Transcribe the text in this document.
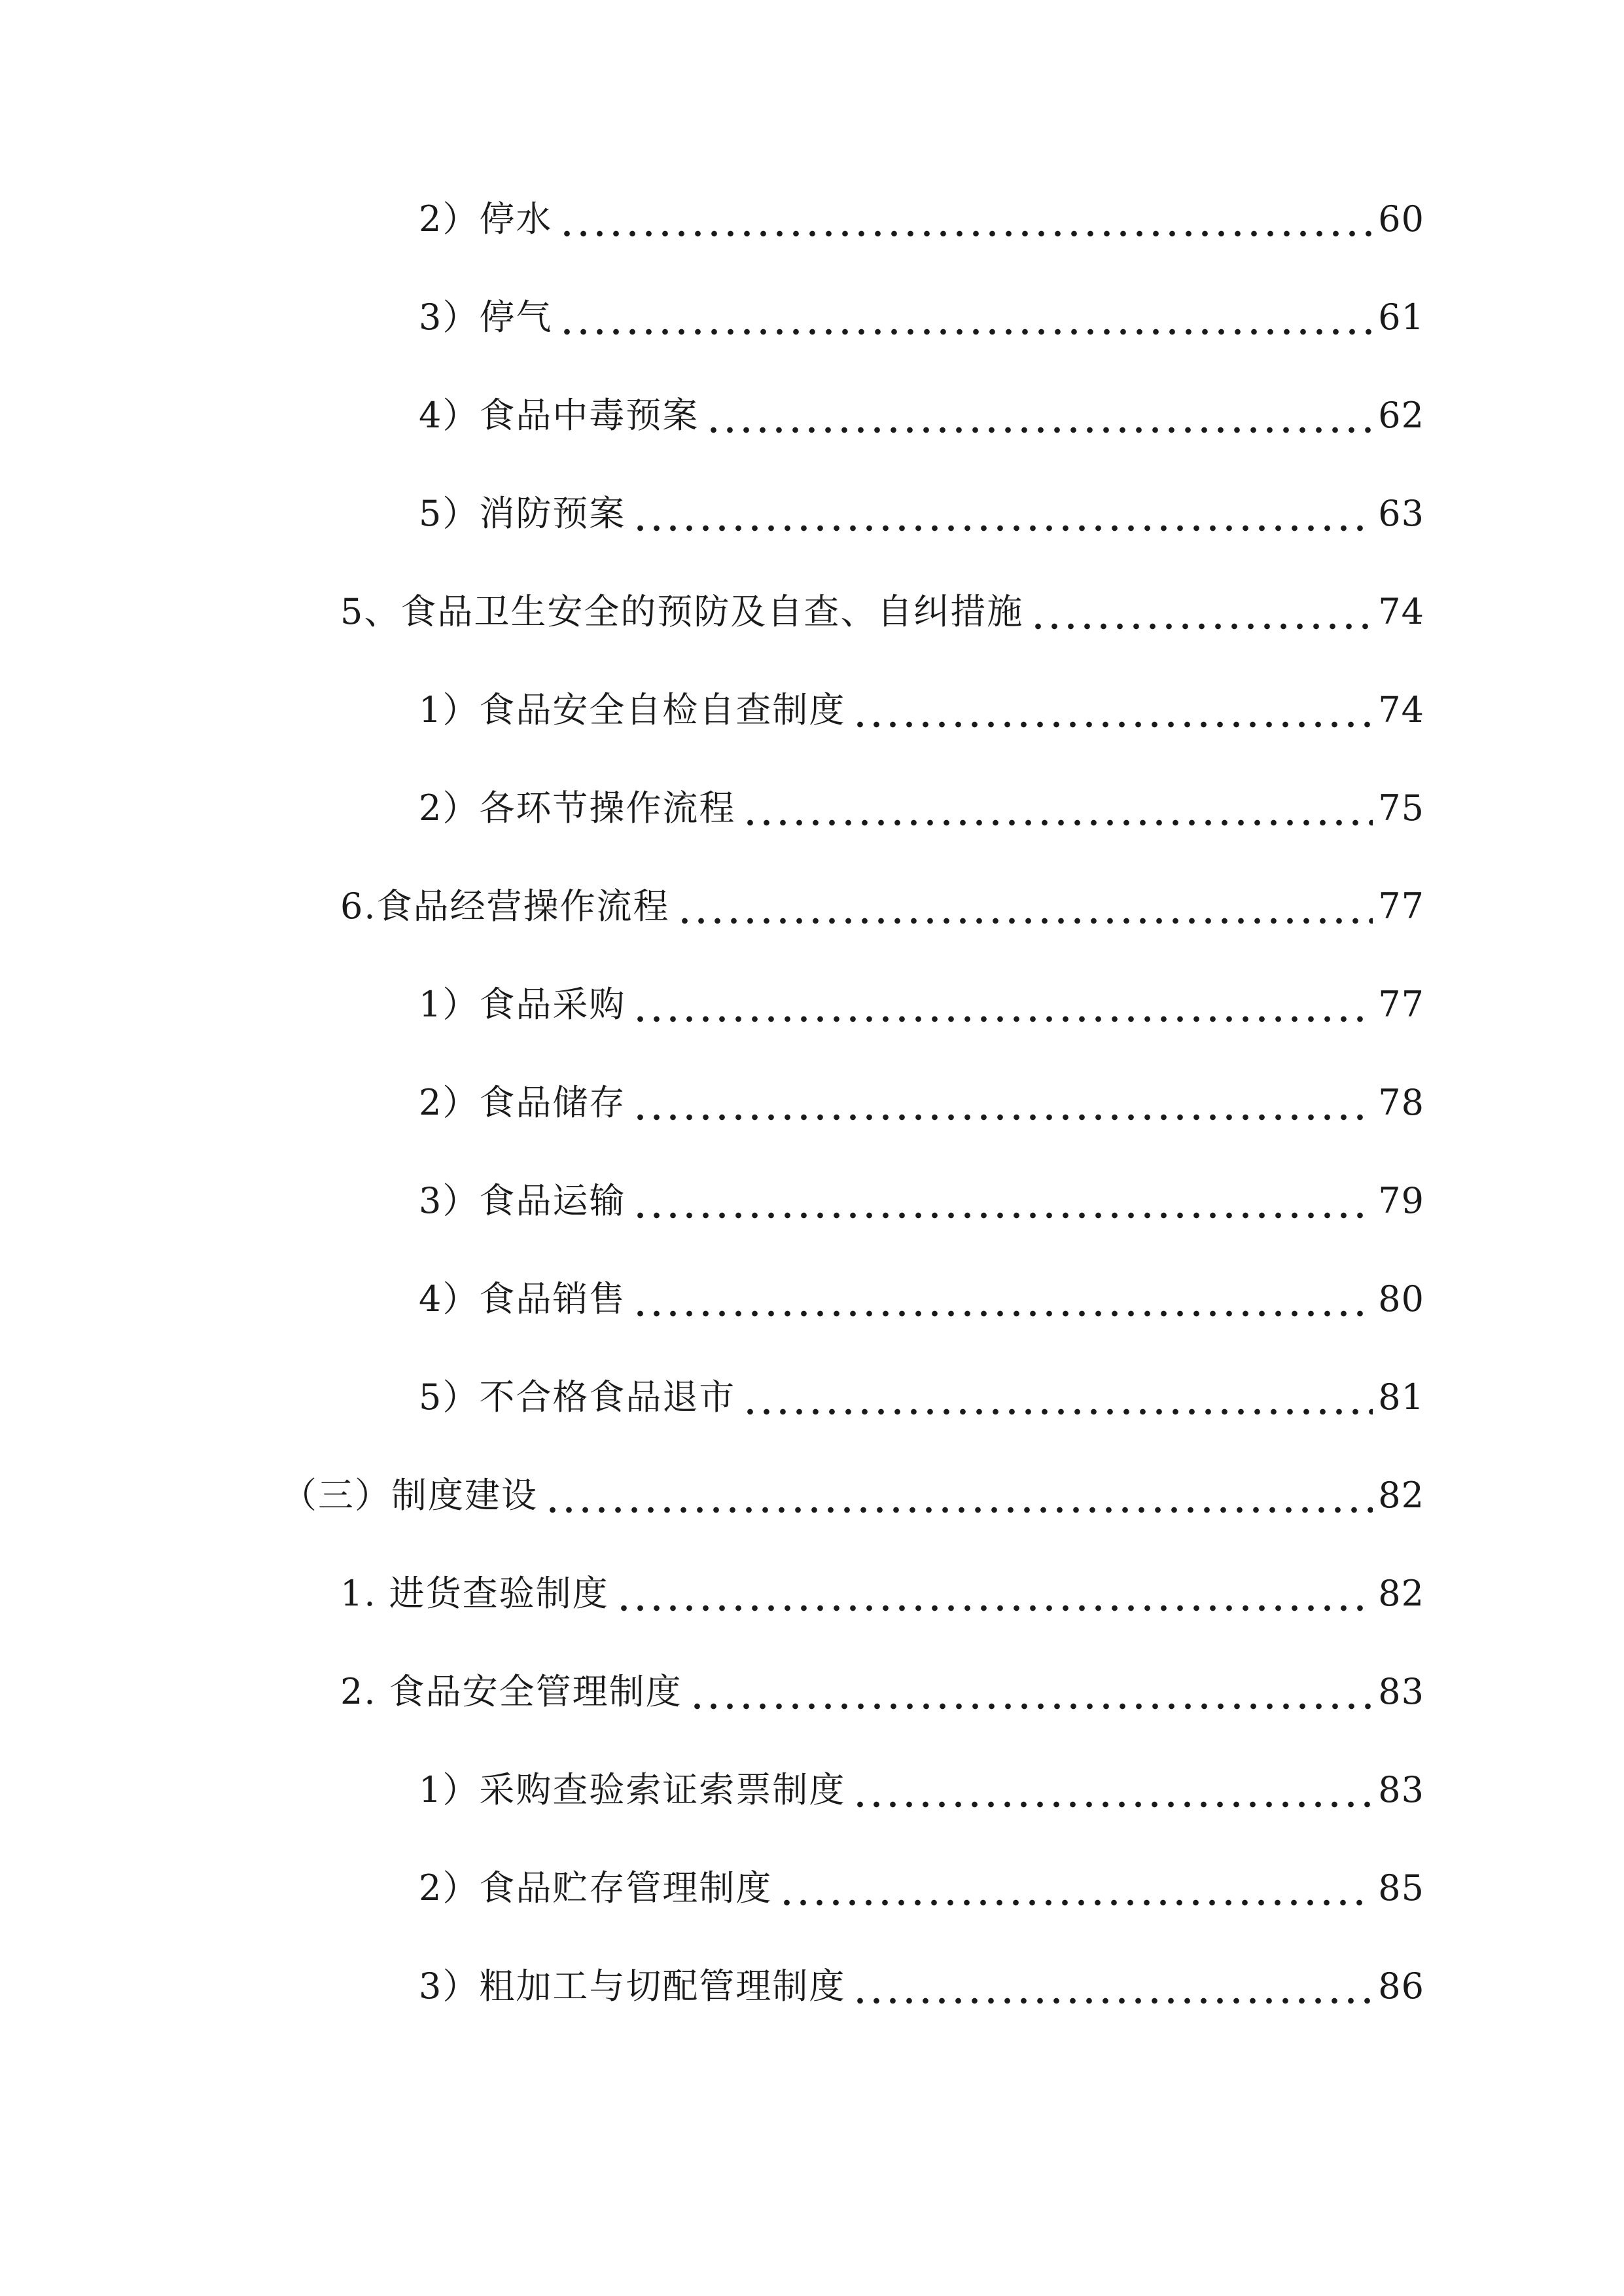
2）停水	60
3）停气	61
4）食品中毒预案	62
5）消防预案	63
5、食品卫生安全的预防及自查、自纠措施	74
1）食品安全自检自查制度	74
2）各环节操作流程	75
6.食品经营操作流程	77
1）食品采购	77
2）食品储存	78
3）食品运输	79
4）食品销售	80
5）不合格食品退市	81
（三）制度建设	82
1. 进货查验制度	82
2. 食品安全管理制度	83
1）采购查验索证索票制度	83
2）食品贮存管理制度	85
3）粗加工与切配管理制度	86
